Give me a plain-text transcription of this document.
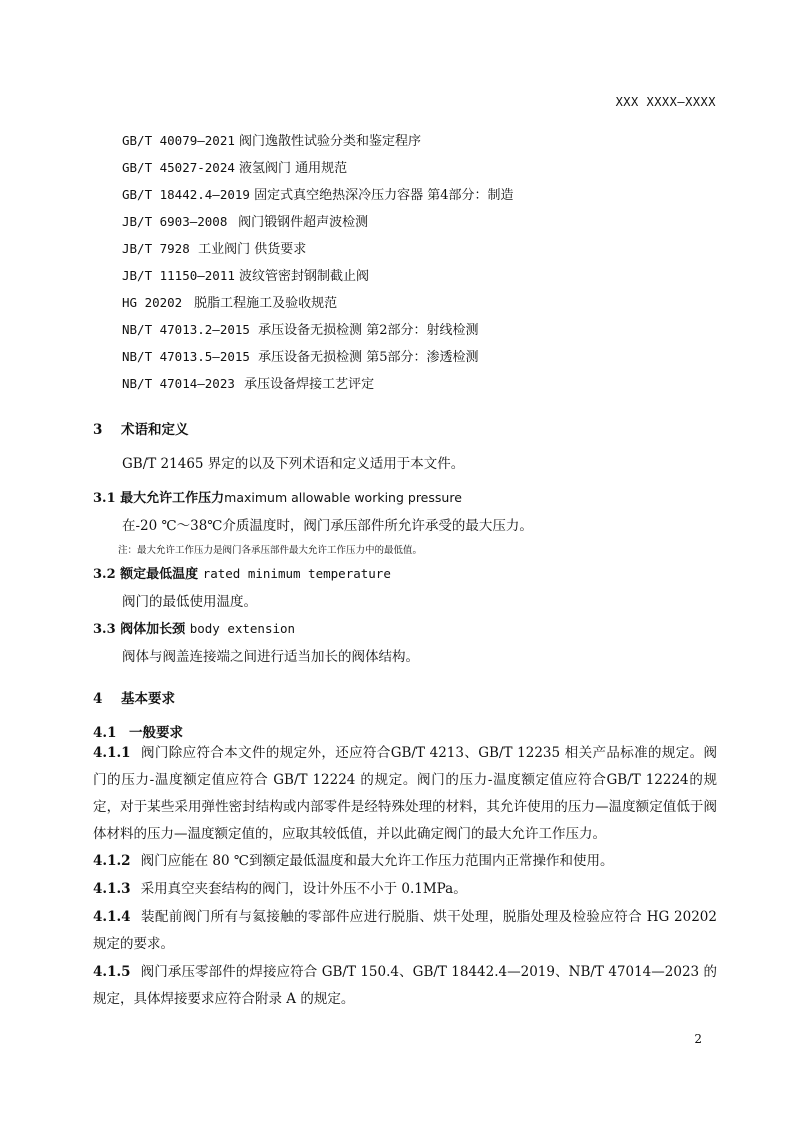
XXX XXXX—XXXX
GB/T 40079—2021 阀门逸散性试验分类和鉴定程序
GB/T 45027-2024 液氢阀门 通用规范
GB/T 18442.4—2019 固定式真空绝热深冷压力容器 第4部分：制造
JB/T 6903—2008 阀门锻钢件超声波检测
JB/T 7928 工业阀门 供货要求
JB/T 11150—2011 波纹管密封钢制截止阀
HG 20202 脱脂工程施工及验收规范
NB/T 47013.2—2015 承压设备无损检测 第2部分：射线检测
NB/T 47013.5—2015 承压设备无损检测 第5部分：渗透检测
NB/T 47014—2023 承压设备焊接工艺评定
3 术语和定义
GB/T 21465 界定的以及下列术语和定义适用于本文件。
3.1 最大允许工作压力maximum allowable working pressure
在-20 ℃～38℃介质温度时，阀门承压部件所允许承受的最大压力。
注：最大允许工作压力是阀门各承压部件最大允许工作压力中的最低值。
3.2 额定最低温度 rated minimum temperature
阀门的最低使用温度。
3.3 阀体加长颈 body extension
阀体与阀盖连接端之间进行适当加长的阀体结构。
4 基本要求
4.1 一般要求
4.1.1 阀门除应符合本文件的规定外，还应符合GB/T 4213、GB/T 12235 相关产品标准的规定。阀门的压力-温度额定值应符合 GB/T 12224 的规定。阀门的压力-温度额定值应符合GB/T 12224的规定，对于某些采用弹性密封结构或内部零件是经特殊处理的材料，其允许使用的压力—温度额定值低于阀体材料的压力—温度额定值的，应取其较低值，并以此确定阀门的最大允许工作压力。
4.1.2 阀门应能在 80 ℃到额定最低温度和最大允许工作压力范围内正常操作和使用。
4.1.3 采用真空夹套结构的阀门，设计外压不小于 0.1MPa。
4.1.4 装配前阀门所有与氦接触的零部件应进行脱脂、烘干处理，脱脂处理及检验应符合 HG 20202 规定的要求。
4.1.5 阀门承压零部件的焊接应符合 GB/T 150.4、GB/T 18442.4—2019、NB/T 47014—2023 的规定，具体焊接要求应符合附录 A 的规定。
2
